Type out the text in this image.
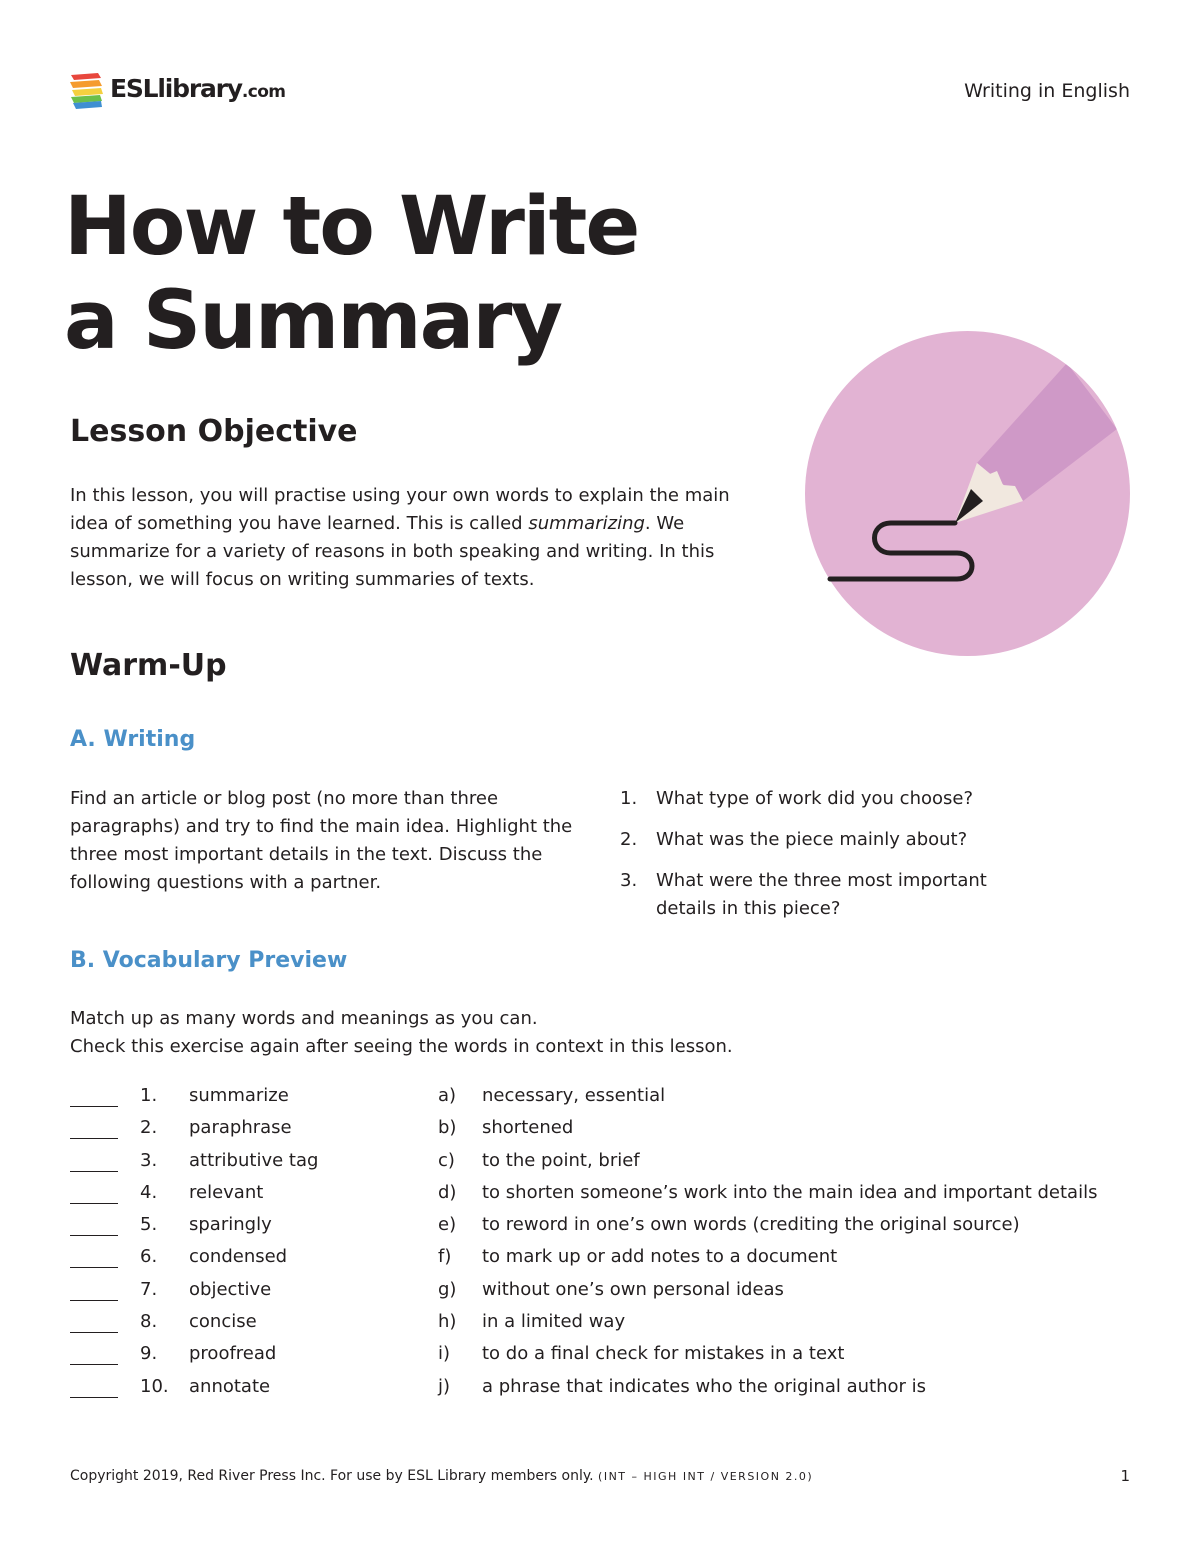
ESLlibrary.com	Writing in English
How to Write
a Summary
Lesson Objective

In this lesson, you will practise using your own words to explain the main idea of something you have learned. This is called summarizing. We summarize for a variety of reasons in both speaking and writing. In this lesson, we will focus on writing summaries of texts.

Warm-Up
A. Writing

Find an article or blog post (no more than three paragraphs) and try to find the main idea. Highlight the three most important details in the text. Discuss the following questions with a partner.

1. What type of work did you choose?
2. What was the piece mainly about?
3. What were the three most important details in this piece?
B. Vocabulary Preview

Match up as many words and meanings as you can.
Check this exercise again after seeing the words in context in this lesson.

1. summarize	a) necessary, essential
2. paraphrase	b) shortened
3. attributive tag	c) to the point, brief
4. relevant	d) to shorten someone’s work into the main idea and important details
5. sparingly	e) to reword in one’s own words (crediting the original source)
6. condensed	f) to mark up or add notes to a document
7. objective	g) without one’s own personal ideas
8. concise	h) in a limited way
9. proofread	i) to do a final check for mistakes in a text
10. annotate	j) a phrase that indicates who the original author is
Copyright 2019, Red River Press Inc. For use by ESL Library members only. (INT – HIGH INT / VERSION 2.0)	1
